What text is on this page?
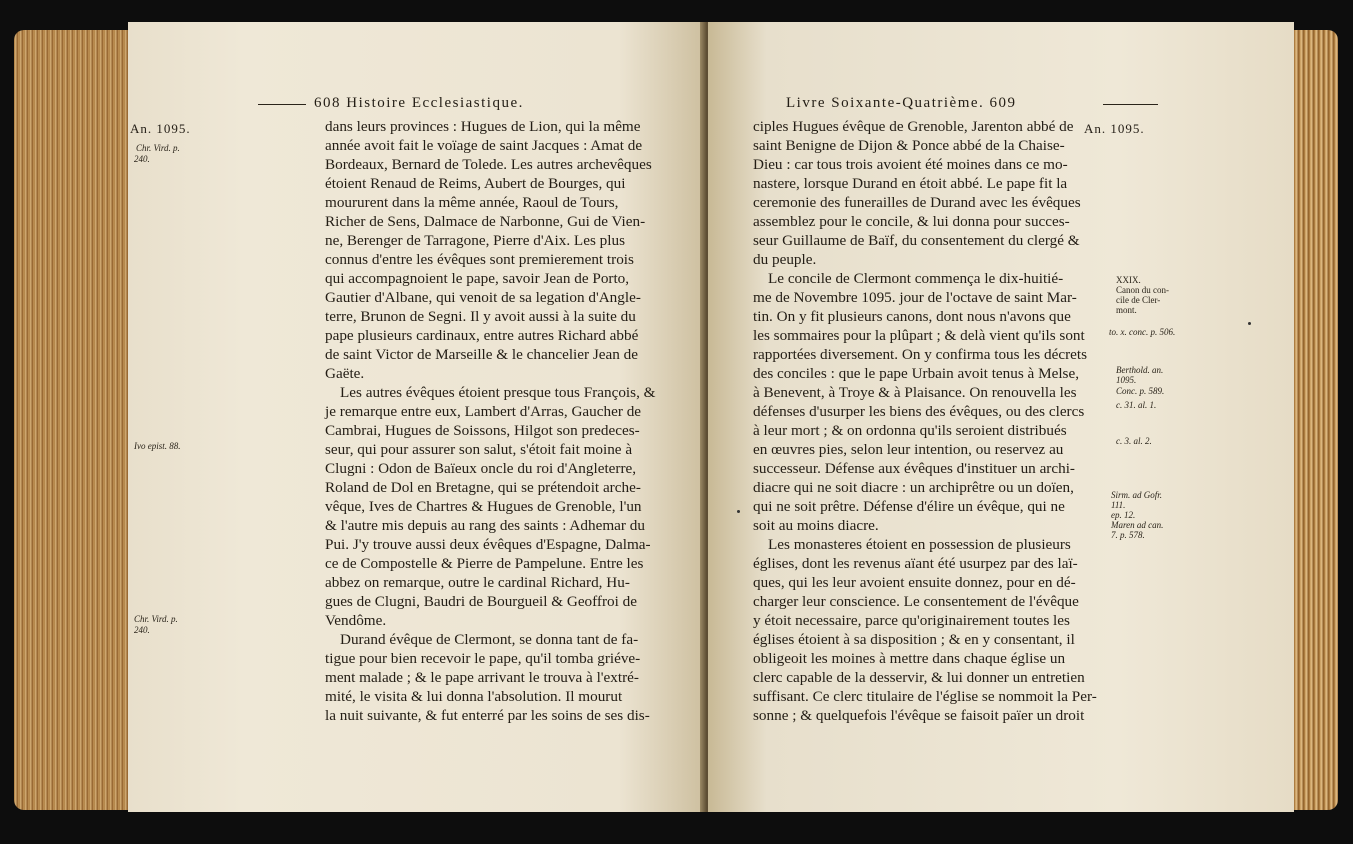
608 Histoire Ecclesiastique.
An. 1095.
Chr. Vird. p.
240.
Ivo epist. 88.
Chr. Vird. p.
240.
dans leurs provinces : Hugues de Lion, qui la même
année avoit fait le voïage de saint Jacques : Amat de
Bordeaux, Bernard de Tolede. Les autres archevêques
étoient Renaud de Reims, Aubert de Bourges, qui
moururent dans la même année, Raoul de Tours,
Richer de Sens, Dalmace de Narbonne, Gui de Vien-
ne, Berenger de Tarragone, Pierre d'Aix. Les plus
connus d'entre les évêques sont premierement trois
qui accompagnoient le pape, savoir Jean de Porto,
Gautier d'Albane, qui venoit de sa legation d'Angle-
terre, Brunon de Segni. Il y avoit aussi à la suite du
pape plusieurs cardinaux, entre autres Richard abbé
de saint Victor de Marseille & le chancelier Jean de
Gaëte.
Les autres évêques étoient presque tous François, &
je remarque entre eux, Lambert d'Arras, Gaucher de
Cambrai, Hugues de Soissons, Hilgot son predeces-
seur, qui pour assurer son salut, s'étoit fait moine à
Clugni : Odon de Baïeux oncle du roi d'Angleterre,
Roland de Dol en Bretagne, qui se prétendoit arche-
vêque, Ives de Chartres & Hugues de Grenoble, l'un
& l'autre mis depuis au rang des saints : Adhemar du
Pui. J'y trouve aussi deux évêques d'Espagne, Dalma-
ce de Compostelle & Pierre de Pampelune. Entre les
abbez on remarque, outre le cardinal Richard, Hu-
gues de Clugni, Baudri de Bourgueil & Geoffroi de
Vendôme.
Durand évêque de Clermont, se donna tant de fa-
tigue pour bien recevoir le pape, qu'il tomba griéve-
ment malade ; & le pape arrivant le trouva à l'extré-
mité, le visita & lui donna l'absolution. Il mourut
la nuit suivante, & fut enterré par les soins de ses dis-
Livre Soixante-Quatrième. 609
An. 1095.
ciples Hugues évêque de Grenoble, Jarenton abbé de
saint Benigne de Dijon & Ponce abbé de la Chaise-
Dieu : car tous trois avoient été moines dans ce mo-
nastere, lorsque Durand en étoit abbé. Le pape fit la
ceremonie des funerailles de Durand avec les évêques
assemblez pour le concile, & lui donna pour succes-
seur Guillaume de Baïf, du consentement du clergé &
du peuple.
Le concile de Clermont commença le dix-huitié-
me de Novembre 1095. jour de l'octave de saint Mar-
tin. On y fit plusieurs canons, dont nous n'avons que
les sommaires pour la plûpart ; & delà vient qu'ils sont
rapportées diversement. On y confirma tous les décrets
des conciles : que le pape Urbain avoit tenus à Melse,
à Benevent, à Troye & à Plaisance. On renouvella les
défenses d'usurper les biens des évêques, ou des clercs
à leur mort ; & on ordonna qu'ils seroient distribués
en œuvres pies, selon leur intention, ou reservez au
successeur. Défense aux évêques d'instituer un archi-
diacre qui ne soit diacre : un archiprêtre ou un doïen,
qui ne soit prêtre. Défense d'élire un évêque, qui ne
soit au moins diacre.
Les monasteres étoient en possession de plusieurs
églises, dont les revenus aïant été usurpez par des laï-
ques, qui les leur avoient ensuite donnez, pour en dé-
charger leur conscience. Le consentement de l'évêque
y étoit necessaire, parce qu'originairement toutes les
églises étoient à sa disposition ; & en y consentant, il
obligeoit les moines à mettre dans chaque église un
clerc capable de la desservir, & lui donner un entretien
suffisant. Ce clerc titulaire de l'église se nommoit la Per-
sonne ; & quelquefois l'évêque se faisoit païer un droit
XXIX.
Canon du con-
cile de Cler-
mont.
to. x. conc. p. 506.
Berthold. an.
1095.
Conc. p. 589.
c. 31. al. 1.
c. 3. al. 2.
Sirm. ad Gofr.
111.
ep. 12.
Maren ad can.
7. p. 578.
